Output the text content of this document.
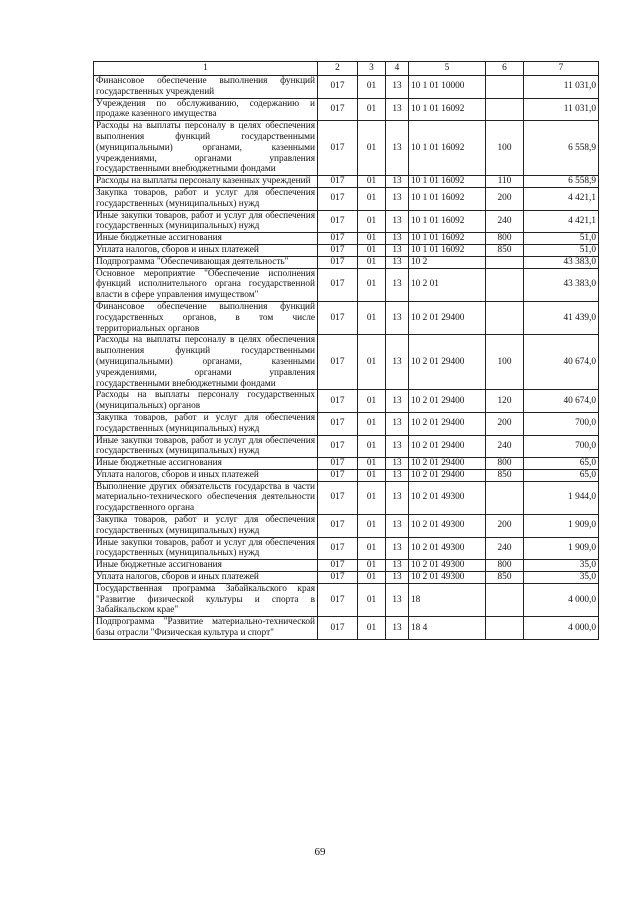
1	2	3	4	5	6	7
Финансовое обеспечение выполнения функций государственных учреждений	017	01	13	10 1 01 10000		11 031,0
Учреждения по обслуживанию, содержанию и продаже казенного имущества	017	01	13	10 1 01 16092		11 031,0
Расходы на выплаты персоналу в целях обеспечения выполнения функций государственными (муниципальными) органами, казенными учреждениями, органами управления государственными внебюджетными фондами	017	01	13	10 1 01 16092	100	6 558,9
Расходы на выплаты персоналу казенных учреждений	017	01	13	10 1 01 16092	110	6 558,9
Закупка товаров, работ и услуг для обеспечения государственных (муниципальных) нужд	017	01	13	10 1 01 16092	200	4 421,1
Иные закупки товаров, работ и услуг для обеспечения государственных (муниципальных) нужд	017	01	13	10 1 01 16092	240	4 421,1
Иные бюджетные ассигнования	017	01	13	10 1 01 16092	800	51,0
Уплата налогов, сборов и иных платежей	017	01	13	10 1 01 16092	850	51,0
Подпрограмма "Обеспечивающая деятельность"	017	01	13	10 2		43 383,0
Основное мероприятие "Обеспечение исполнения функций исполнительного органа государственной власти в сфере управления имуществом"	017	01	13	10 2 01		43 383,0
Финансовое обеспечение выполнения функций государственных органов, в том числе территориальных органов	017	01	13	10 2 01 29400		41 439,0
Расходы на выплаты персоналу в целях обеспечения выполнения функций государственными (муниципальными) органами, казенными учреждениями, органами управления государственными внебюджетными фондами	017	01	13	10 2 01 29400	100	40 674,0
Расходы на выплаты персоналу государственных (муниципальных) органов	017	01	13	10 2 01 29400	120	40 674,0
Закупка товаров, работ и услуг для обеспечения государственных (муниципальных) нужд	017	01	13	10 2 01 29400	200	700,0
Иные закупки товаров, работ и услуг для обеспечения государственных (муниципальных) нужд	017	01	13	10 2 01 29400	240	700,0
Иные бюджетные ассигнования	017	01	13	10 2 01 29400	800	65,0
Уплата налогов, сборов и иных платежей	017	01	13	10 2 01 29400	850	65,0
Выполнение других обязательств государства в части материально-технического обеспечения деятельности государственного органа	017	01	13	10 2 01 49300		1 944,0
Закупка товаров, работ и услуг для обеспечения государственных (муниципальных) нужд	017	01	13	10 2 01 49300	200	1 909,0
Иные закупки товаров, работ и услуг для обеспечения государственных (муниципальных) нужд	017	01	13	10 2 01 49300	240	1 909,0
Иные бюджетные ассигнования	017	01	13	10 2 01 49300	800	35,0
Уплата налогов, сборов и иных платежей	017	01	13	10 2 01 49300	850	35,0
Государственная программа Забайкальского края "Развитие физической культуры и спорта в Забайкальском крае"	017	01	13	18		4 000,0
Подпрограмма "Развитие материально-технической базы отрасли "Физическая культура и спорт"	017	01	13	18 4		4 000,0
69
